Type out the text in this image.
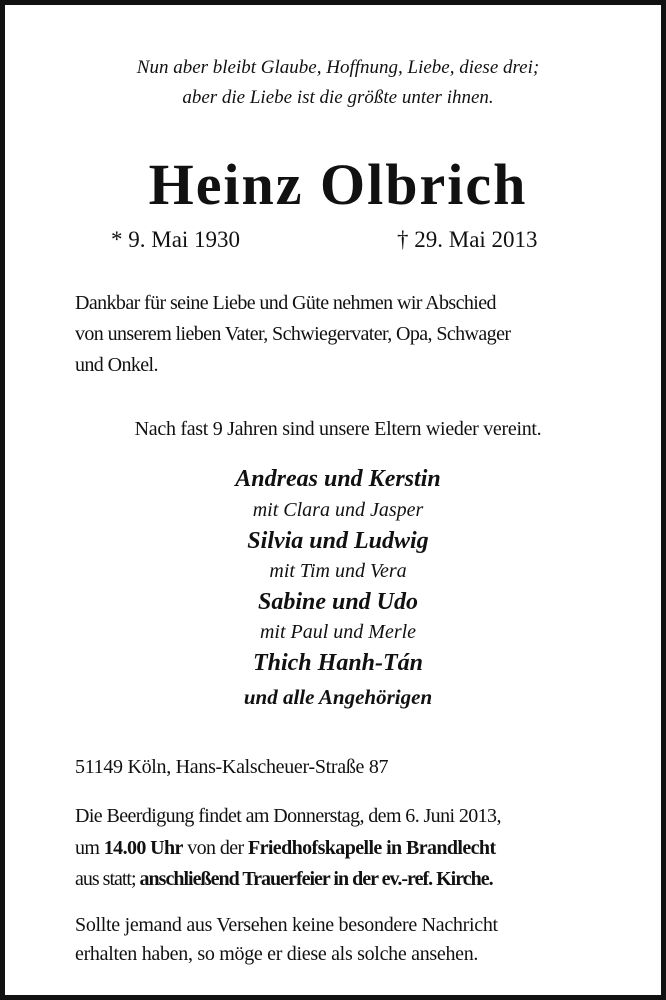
Nun aber bleibt Glaube, Hoffnung, Liebe, diese drei;
aber die Liebe ist die größte unter ihnen.
Heinz Olbrich
* 9. Mai 1930	† 29. Mai 2013
Dankbar für seine Liebe und Güte nehmen wir Abschied
von unserem lieben Vater, Schwiegervater, Opa, Schwager
und Onkel.
Nach fast 9 Jahren sind unsere Eltern wieder vereint.
Andreas und Kerstin
mit Clara und Jasper
Silvia und Ludwig
mit Tim und Vera
Sabine und Udo
mit Paul und Merle
Thich Hanh-Tán
und alle Angehörigen
51149 Köln, Hans-Kalscheuer-Straße 87
Die Beerdigung findet am Donnerstag, dem 6. Juni 2013,
um 14.00 Uhr von der Friedhofskapelle in Brandlecht
aus statt; anschließend Trauerfeier in der ev.-ref. Kirche.
Sollte jemand aus Versehen keine besondere Nachricht
erhalten haben, so möge er diese als solche ansehen.
